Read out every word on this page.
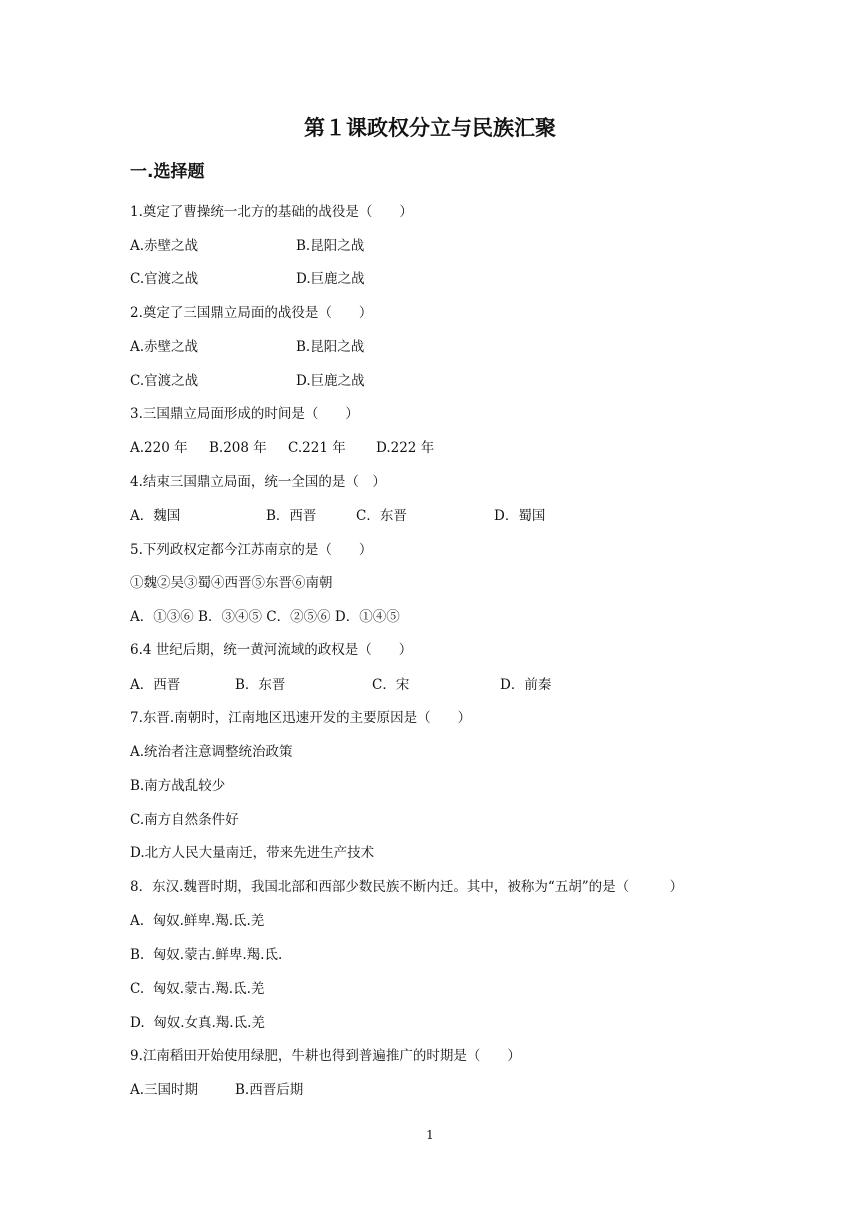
第１课政权分立与民族汇聚
一.选择题
1.奠定了曹操统一北方的基础的战役是（　　）
A.赤壁之战	B.昆阳之战
C.官渡之战	D.巨鹿之战
2.奠定了三国鼎立局面的战役是（　　）
A.赤壁之战	B.昆阳之战
C.官渡之战	D.巨鹿之战
3.三国鼎立局面形成的时间是（　　）
A.220 年 B.208 年 C.221 年 D.222 年
4.结束三国鼎立局面，统一全国的是（　）
A．魏国	B．西晋	C．东晋	D．蜀国
5.下列政权定都今江苏南京的是（　　）
①魏②吴③蜀④西晋⑤东晋⑥南朝
A．①③⑥ B．③④⑤ C．②⑤⑥ D．①④⑤
6.4 世纪后期，统一黄河流域的政权是（　　）
A．西晋	B．东晋	C．宋	D．前秦
7.东晋.南朝时，江南地区迅速开发的主要原因是（　　）
A.统治者注意调整统治政策
B.南方战乱较少
C.南方自然条件好
D.北方人民大量南迁，带来先进生产技术
8．东汉.魏晋时期，我国北部和西部少数民族不断内迁。其中，被称为“五胡”的是（　　　）
A.  匈奴.鲜卑.羯.氐.羌
B.  匈奴.蒙古.鲜卑.羯.氐.
C.  匈奴.蒙古.羯.氐.羌
D.  匈奴.女真.羯.氐.羌
9.江南稻田开始使用绿肥，牛耕也得到普遍推广的时期是（　　）
A.三国时期	B.西晋后期
1
